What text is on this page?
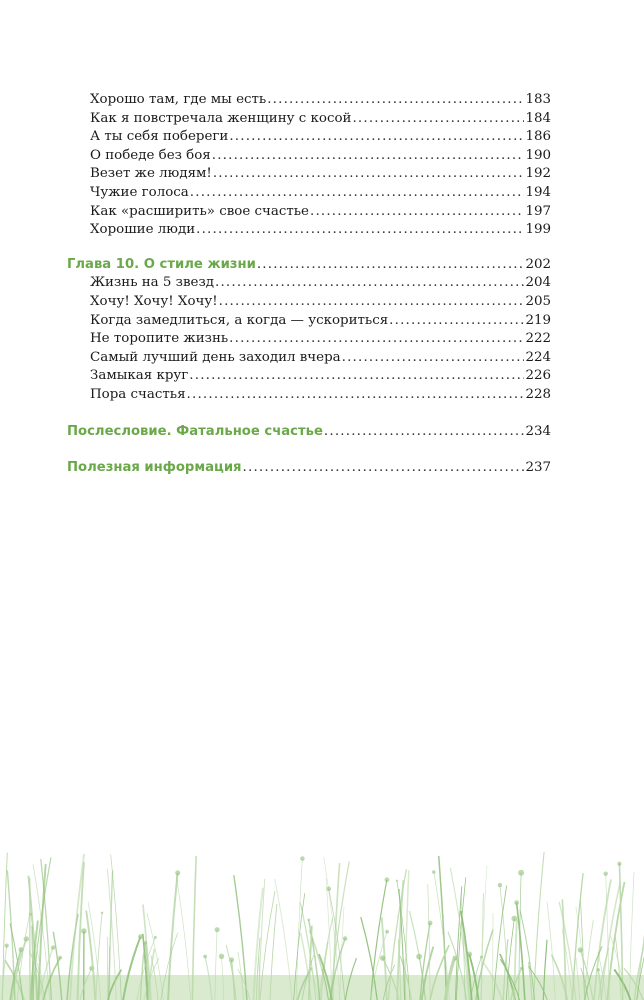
Хорошо там, где мы есть .....	183
Как я повстречала женщину с косой .....	184
А ты себя побереги .....	186
О победе без боя .....	190
Везет же людям! .....	192
Чужие голоса .....	194
Как «расширить» свое счастье .....	197
Хорошие люди .....	199
Глава 10. О стиле жизни .....	202
Жизнь на 5 звезд .....	204
Хочу! Хочу! Хочу! .....	205
Когда замедлиться, а когда — ускориться .....	219
Не торопите жизнь .....	222
Самый лучший день заходил вчера .....	224
Замыкая круг .....	226
Пора счастья .....	228
Послесловие. Фатальное счастье .....	234
Полезная информация .....	237
